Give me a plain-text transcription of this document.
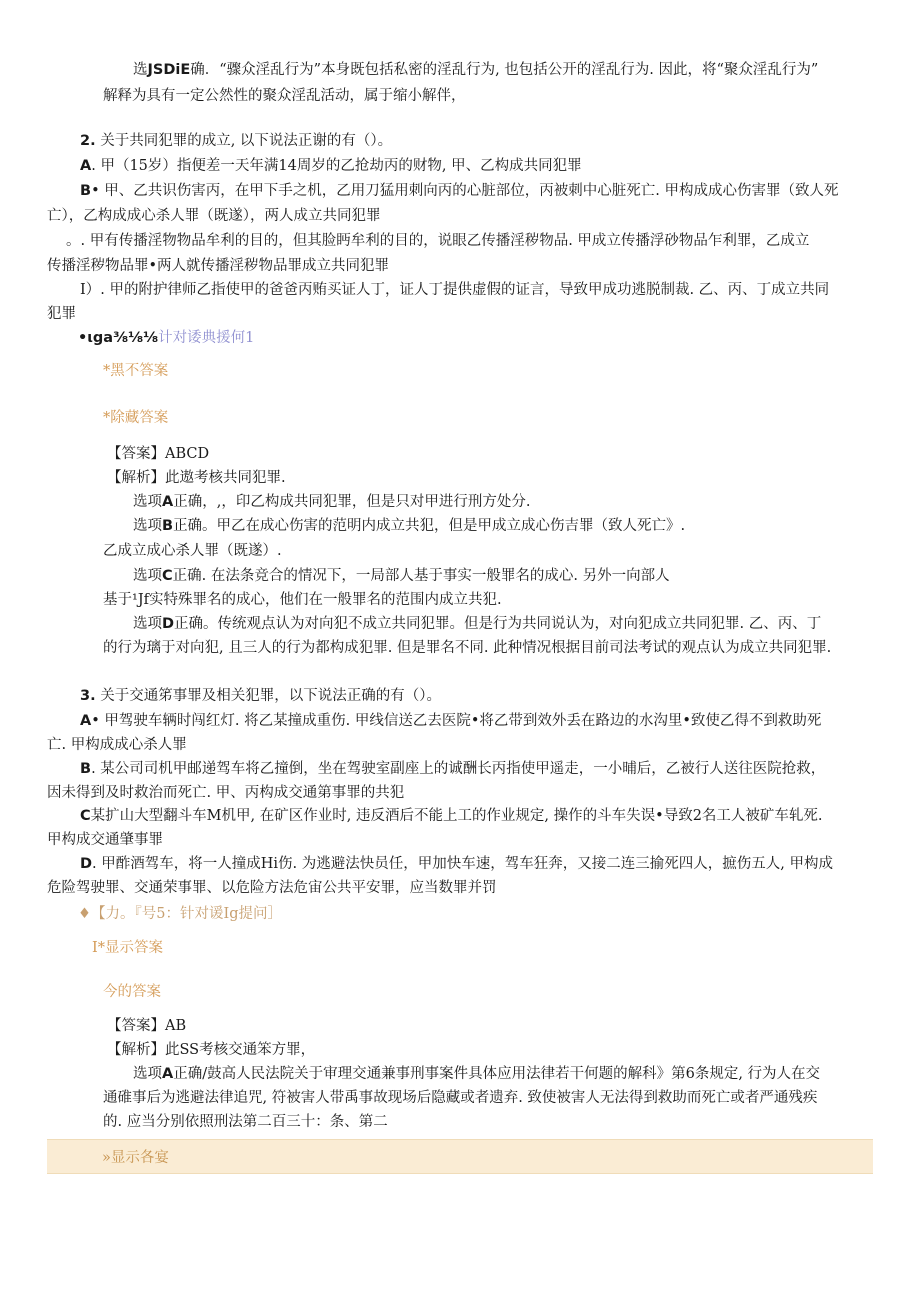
选JSDiE确．“骤众淫乱行为”本身既包括私密的淫乱行为, 也包括公开的淫乱行为. 因此，将“聚众淫乱行为”
解释为具有一定公然性的聚众淫乱活动，属于缩小解伴，
2. 关于共同犯罪的成立, 以下说法正谢的有（）。
A. 甲（15岁）指便差一天年满14周岁的乙抢劫丙的财物, 甲、乙构成共同犯罪
B• 甲、乙共识伤害丙，在甲下手之机，乙用刀猛用刺向丙的心脏部位，丙被刺中心脏死亡. 甲构成成心伤害罪（致人死
亡），乙构成成心杀人罪（既遂），两人成立共同犯罪
。. 甲有传播淫物物品牟利的目的，但其脸眄牟利的目的，说眼乙传播淫秽物品. 甲成立传播浮砂物品乍利罪，乙成立
传播淫秽物品罪•两人就传播淫秽物品罪成立共同犯罪
I）. 甲的附护律师乙指使甲的爸爸丙贿买证人丁，证人丁提供虚假的证言，导致甲成功逃脱制裁. 乙、丙、丁成立共同
犯罪
•ιga⅜⅛⅛计对诿典援何1
*黑不答案
*除藏答案
【答案】ABCD
【解析】此遨考核共同犯罪.
选项A正确，,，印乙构成共同犯罪，但是只对甲进行刑方处分.
选项B正确。甲乙在成心伤害的范明内成立共犯，但是甲成立成心伤吉罪（致人死亡》.
乙成立成心杀人罪（既遂）.
选项C正确. 在法条竞合的情况下，一局部人基于事实一般罪名的成心. 另外一向部人
基于¹Jf实特殊罪名的成心，他们在一般罪名的范围内成立共犯.
选项D正确。传统观点认为对向犯不成立共同犯罪。但是行为共同说认为，对向犯成立共同犯罪. 乙、丙、丁
的行为璃于对向犯, 且三人的行为都构成犯罪. 但是罪名不同. 此种情况根据目前司法考试的观点认为成立共同犯罪.
3. 关于交通笫事罪及相关犯罪，以下说法正确的有（）。
A• 甲驾驶车辆时闯红灯. 将乙某撞成重伤. 甲线信送乙去医院•将乙带到效外丢在路边的水沟里•致使乙得不到救助死
亡. 甲构成成心杀人罪
B. 某公司司机甲邮递驾车将乙撞倒，坐在驾驶室副座上的诚酬长丙指使甲遥走，一小晡后，乙被行人送往医院抢救，
因未得到及时救治而死亡. 甲、丙构成交通第事罪的共犯
C某扩山大型翻斗车M机甲, 在矿区作业时, 违反酒后不能上工的作业规定, 操作的斗车失误•导致2名工人被矿车轧死.
甲构成交通肇事罪
D. 甲酢酒驾车，将一人撞成Hi伤. 为逃避法快员任，甲加快车速，驾车狂奔，又接二连三揄死四人，摭伤五人, 甲构成
危险驾驶罪、交通荣事罪、以危险方法危宙公共平安罪，应当数罪并罚
♦【力。『号5：针对谖Ig提问］
I*显示答案
今的答案
【答案】AB
【解析】此SS考核交通笨方罪，
选项A正确/鼓高人民法院关于审理交通兼事刑事案件具体应用法律若干何题的解科》第6条规定, 行为人在交
通碓事后为逃避法律追咒, 符被害人带禹事故现场后隐藏或者遗弃. 致使被害人无法得到救助而死亡或者严通残疾
的. 应当分别依照刑法第二百三十：条、第二
»显示各宴
